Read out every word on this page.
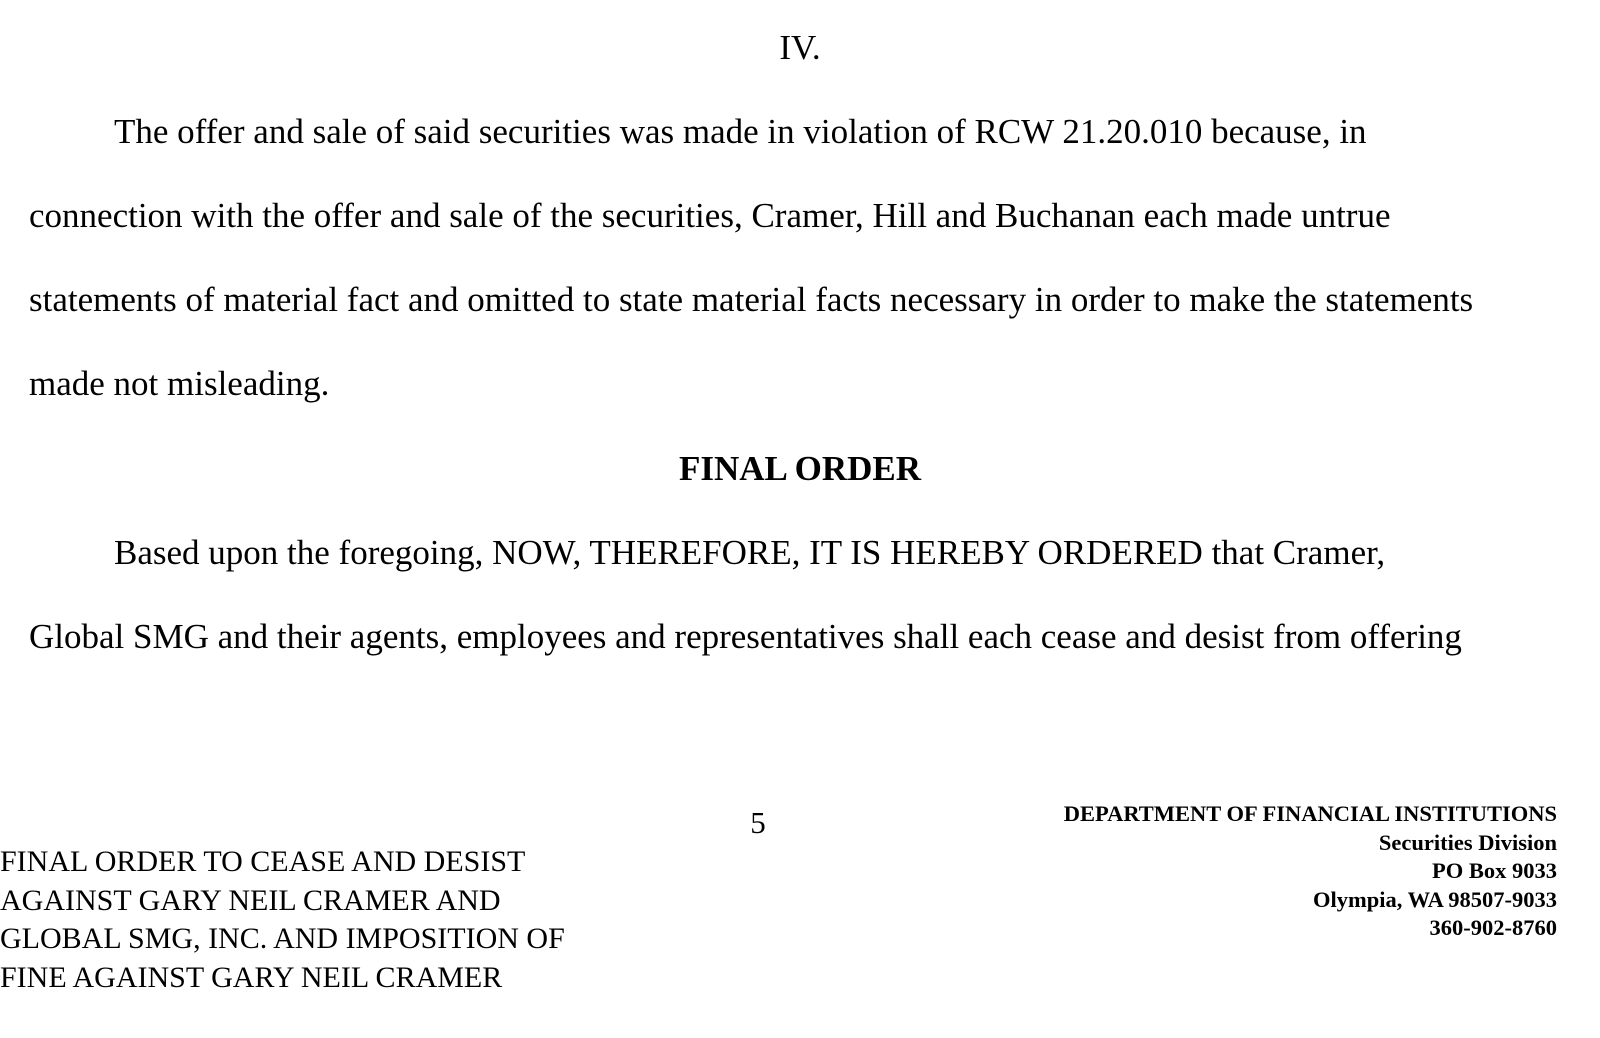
IV.
The offer and sale of said securities was made in violation of RCW 21.20.010 because, in
connection with the offer and sale of the securities, Cramer, Hill and Buchanan each made untrue
statements of material fact and omitted to state material facts necessary in order to make the statements
made not misleading.
FINAL ORDER
Based upon the foregoing, NOW, THEREFORE, IT IS HEREBY ORDERED that Cramer,
Global SMG and their agents, employees and representatives shall each cease and desist from offering
5
FINAL ORDER TO CEASE AND DESIST
AGAINST GARY NEIL CRAMER AND
GLOBAL SMG, INC. AND IMPOSITION OF
FINE AGAINST GARY NEIL CRAMER
DEPARTMENT OF FINANCIAL INSTITUTIONS
Securities Division
PO Box 9033
Olympia, WA 98507-9033
360-902-8760
